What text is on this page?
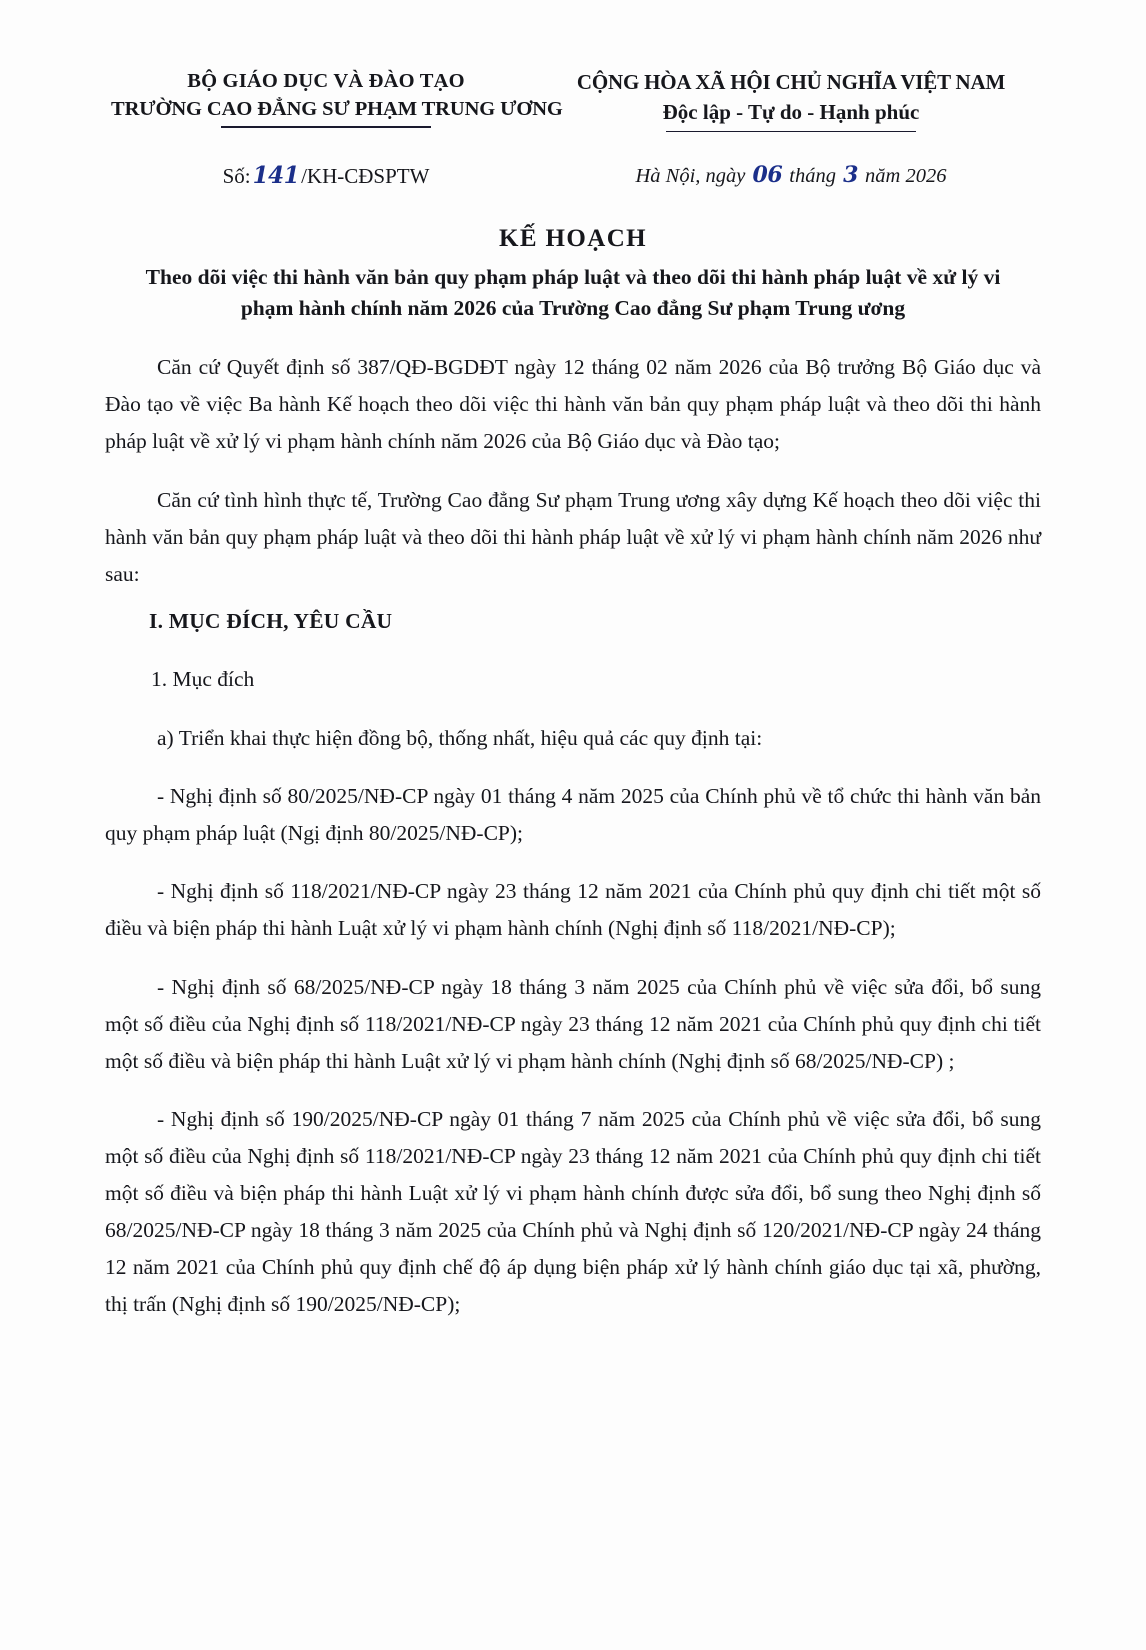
BỘ GIÁO DỤC VÀ ĐÀO TẠO
TRƯỜNG CAO ĐẲNG SƯ PHẠM TRUNG ƯƠNG
CỘNG HÒA XÃ HỘI CHỦ NGHĨA VIỆT NAM
Độc lập - Tự do - Hạnh phúc
Số:141/KH-CĐSPTW	Hà Nội, ngày 06 tháng 3 năm 2026
KẾ HOẠCH
Theo dõi việc thi hành văn bản quy phạm pháp luật và theo dõi thi hành pháp luật về xử lý vi phạm hành chính năm 2026 của Trường Cao đẳng Sư phạm Trung ương

Căn cứ Quyết định số 387/QĐ-BGDĐT ngày 12 tháng 02 năm 2026 của Bộ trưởng Bộ Giáo dục và Đào tạo về việc Ba hành Kế hoạch theo dõi việc thi hành văn bản quy phạm pháp luật và theo dõi thi hành pháp luật về xử lý vi phạm hành chính năm 2026 của Bộ Giáo dục và Đào tạo;

Căn cứ tình hình thực tế, Trường Cao đẳng Sư phạm Trung ương xây dựng Kế hoạch theo dõi việc thi hành văn bản quy phạm pháp luật và theo dõi thi hành pháp luật về xử lý vi phạm hành chính năm 2026 như sau:

I. MỤC ĐÍCH, YÊU CẦU

1. Mục đích

a) Triển khai thực hiện đồng bộ, thống nhất, hiệu quả các quy định tại:

- Nghị định số 80/2025/NĐ-CP ngày 01 tháng 4 năm 2025 của Chính phủ về tổ chức thi hành văn bản quy phạm pháp luật (Ngị định 80/2025/NĐ-CP);

- Nghị định số 118/2021/NĐ-CP ngày 23 tháng 12 năm 2021 của Chính phủ quy định chi tiết một số điều và biện pháp thi hành Luật xử lý vi phạm hành chính (Nghị định số 118/2021/NĐ-CP);

- Nghị định số 68/2025/NĐ-CP ngày 18 tháng 3 năm 2025 của Chính phủ về việc sửa đổi, bổ sung một số điều của Nghị định số 118/2021/NĐ-CP ngày 23 tháng 12 năm 2021 của Chính phủ quy định chi tiết một số điều và biện pháp thi hành Luật xử lý vi phạm hành chính (Nghị định số 68/2025/NĐ-CP) ;

- Nghị định số 190/2025/NĐ-CP ngày 01 tháng 7 năm 2025 của Chính phủ về việc sửa đổi, bổ sung một số điều của Nghị định số 118/2021/NĐ-CP ngày 23 tháng 12 năm 2021 của Chính phủ quy định chi tiết một số điều và biện pháp thi hành Luật xử lý vi phạm hành chính được sửa đổi, bổ sung theo Nghị định số 68/2025/NĐ-CP ngày 18 tháng 3 năm 2025 của Chính phủ và Nghị định số 120/2021/NĐ-CP ngày 24 tháng 12 năm 2021 của Chính phủ quy định chế độ áp dụng biện pháp xử lý hành chính giáo dục tại xã, phường, thị trấn (Nghị định số 190/2025/NĐ-CP);
